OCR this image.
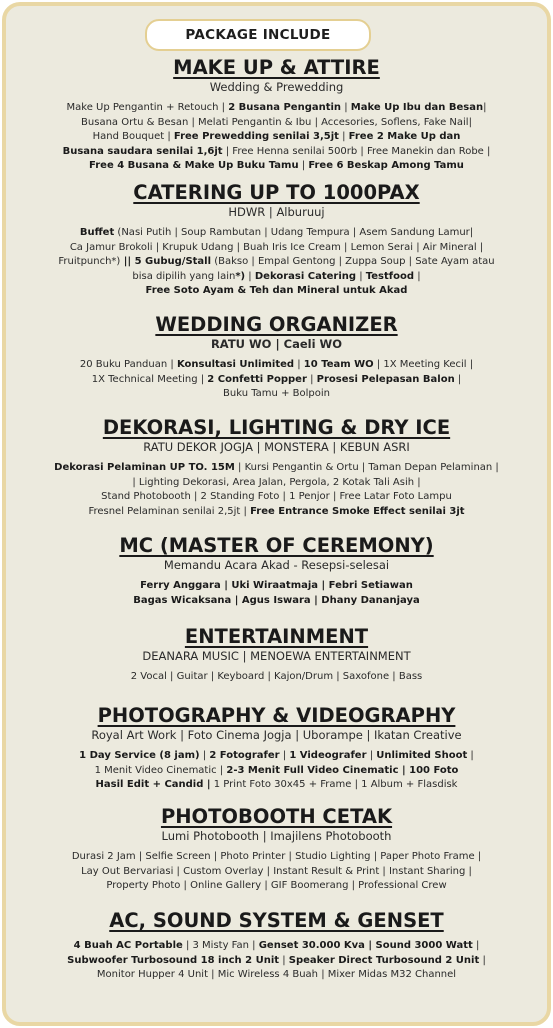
PACKAGE INCLUDE
MAKE UP & ATTIRE
Wedding & Prewedding
Make Up Pengantin + Retouch | 2 Busana Pengantin | Make Up Ibu dan Besan|
Busana Ortu & Besan | Melati Pengantin & Ibu | Accesories, Soflens, Fake Nail|
Hand Bouquet | Free Prewedding senilai 3,5jt | Free 2 Make Up dan
Busana saudara senilai 1,6jt | Free Henna senilai 500rb | Free Manekin dan Robe |
Free 4 Busana & Make Up Buku Tamu | Free 6 Beskap Among Tamu
CATERING UP TO 1000PAX
HDWR | Alburuuj
Buffet (Nasi Putih | Soup Rambutan | Udang Tempura | Asem Sandung Lamur|
Ca Jamur Brokoli | Krupuk Udang | Buah Iris Ice Cream | Lemon Serai | Air Mineral |
Fruitpunch*) || 5 Gubug/Stall (Bakso | Empal Gentong | Zuppa Soup | Sate Ayam atau
bisa dipilih yang lain*) | Dekorasi Catering | Testfood |
Free Soto Ayam & Teh dan Mineral untuk Akad
WEDDING ORGANIZER
RATU WO | Caeli WO
20 Buku Panduan | Konsultasi Unlimited | 10 Team WO | 1X Meeting Kecil |
1X Technical Meeting | 2 Confetti Popper | Prosesi Pelepasan Balon |
Buku Tamu + Bolpoin
DEKORASI, LIGHTING & DRY ICE
RATU DEKOR JOGJA | MONSTERA | KEBUN ASRI
Dekorasi Pelaminan UP TO. 15M | Kursi Pengantin & Ortu | Taman Depan Pelaminan |
| Lighting Dekorasi, Area Jalan, Pergola, 2 Kotak Tali Asih |
Stand Photobooth | 2 Standing Foto | 1 Penjor | Free Latar Foto Lampu
Fresnel Pelaminan senilai 2,5jt | Free Entrance Smoke Effect senilai 3jt
MC (MASTER OF CEREMONY)
Memandu Acara Akad - Resepsi-selesai
Ferry Anggara | Uki Wiraatmaja | Febri Setiawan
Bagas Wicaksana | Agus Iswara | Dhany Dananjaya
ENTERTAINMENT
DEANARA MUSIC | MENOEWA ENTERTAINMENT
2 Vocal | Guitar | Keyboard | Kajon/Drum | Saxofone | Bass
PHOTOGRAPHY & VIDEOGRAPHY
Royal Art Work | Foto Cinema Jogja | Uborampe | Ikatan Creative
1 Day Service (8 jam) | 2 Fotografer | 1 Videografer | Unlimited Shoot |
1 Menit Video Cinematic | 2-3 Menit Full Video Cinematic | 100 Foto
Hasil Edit + Candid | 1 Print Foto 30x45 + Frame | 1 Album + Flasdisk
PHOTOBOOTH CETAK
Lumi Photobooth | Imajilens Photobooth
Durasi 2 Jam | Selfie Screen | Photo Printer | Studio Lighting | Paper Photo Frame |
Lay Out Bervariasi | Custom Overlay | Instant Result & Print | Instant Sharing |
Property Photo | Online Gallery | GIF Boomerang | Professional Crew
AC, SOUND SYSTEM & GENSET
4 Buah AC Portable | 3 Misty Fan | Genset 30.000 Kva | Sound 3000 Watt |
Subwoofer Turbosound 18 inch 2 Unit | Speaker Direct Turbosound 2 Unit |
Monitor Hupper 4 Unit | Mic Wireless 4 Buah | Mixer Midas M32 Channel
